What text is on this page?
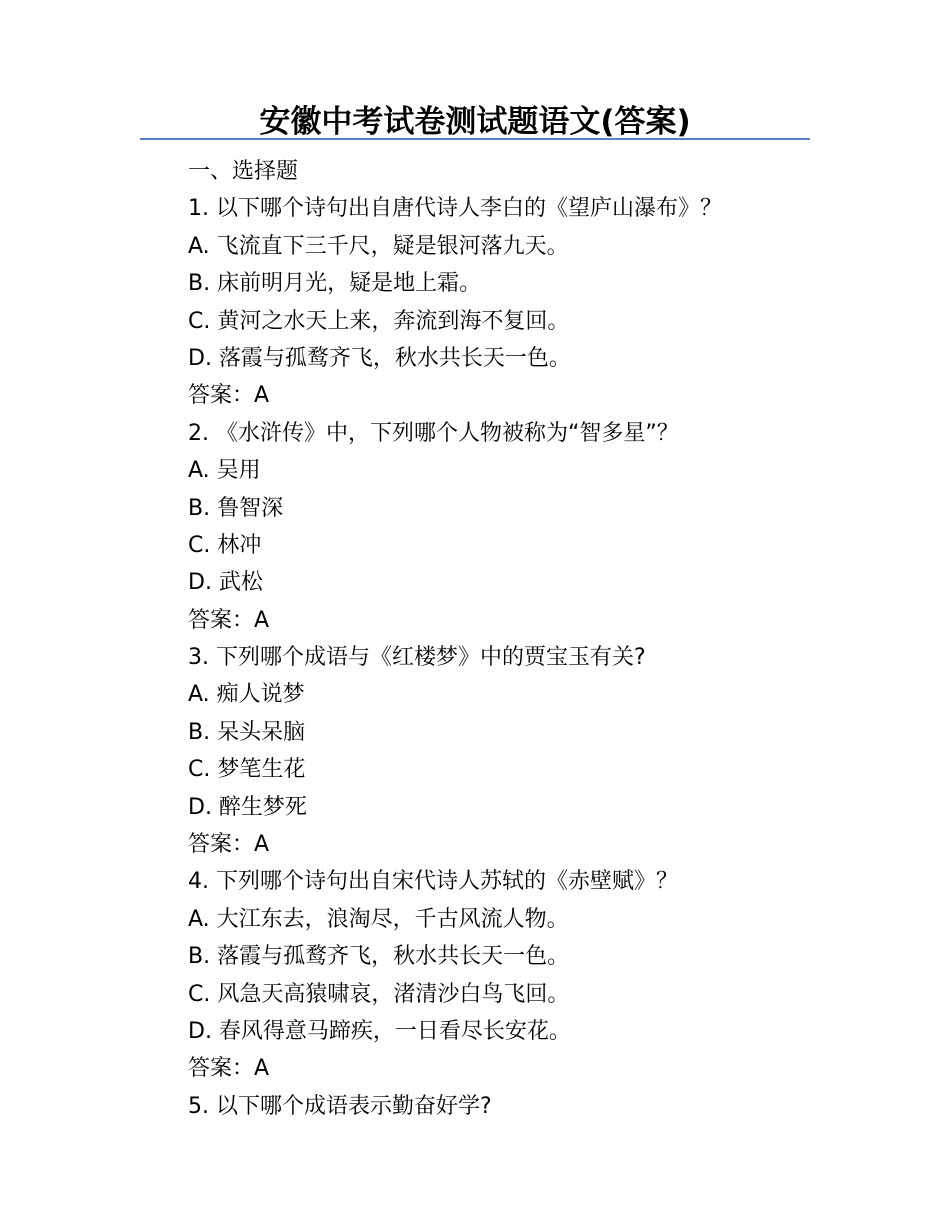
安徽中考试卷测试题语文(答案)

一、选择题

1. 以下哪个诗句出自唐代诗人李白的《望庐山瀑布》？

A. 飞流直下三千尺，疑是银河落九天。

B. 床前明月光，疑是地上霜。

C. 黄河之水天上来，奔流到海不复回。

D. 落霞与孤鹜齐飞，秋水共长天一色。

答案：A

2. 《水浒传》中，下列哪个人物被称为“智多星”？

A. 吴用

B. 鲁智深

C. 林冲

D. 武松

答案：A

3. 下列哪个成语与《红楼梦》中的贾宝玉有关?

A. 痴人说梦

B. 呆头呆脑

C. 梦笔生花

D. 醉生梦死

答案：A

4. 下列哪个诗句出自宋代诗人苏轼的《赤壁赋》？

A. 大江东去，浪淘尽，千古风流人物。

B. 落霞与孤鹜齐飞，秋水共长天一色。

C. 风急天高猿啸哀，渚清沙白鸟飞回。

D. 春风得意马蹄疾，一日看尽长安花。

答案：A

5. 以下哪个成语表示勤奋好学?
